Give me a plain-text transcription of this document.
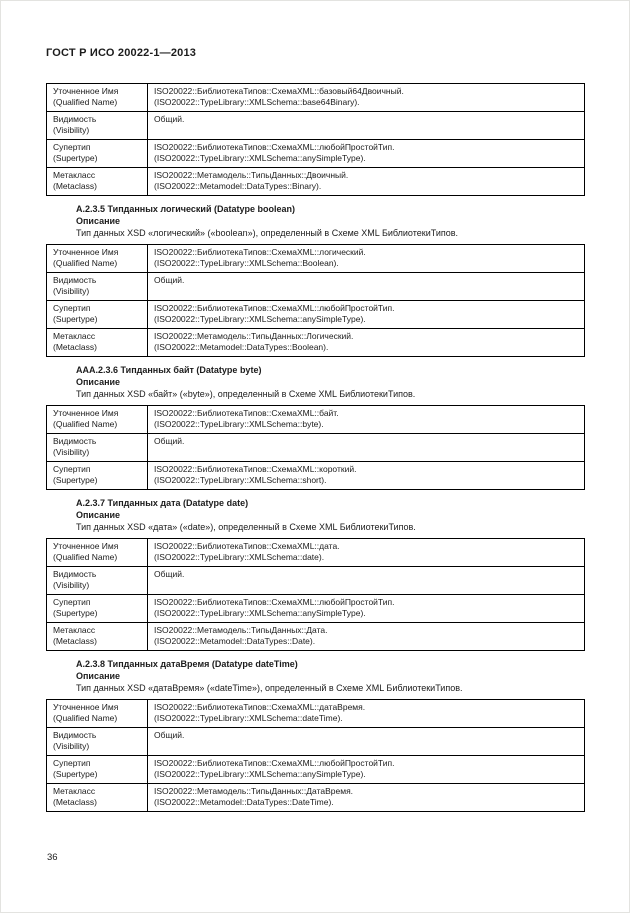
ГОСТ Р ИСО 20022-1—2013
Уточненное Имя
(Qualified Name)	ISO20022::БиблиотекаТипов::СхемаXML::базовый64Двоичный.
(ISO20022::TypeLibrary::XMLSchema::base64Binary).

Видимость
(Visibility)	Общий.

Супертип
(Supertype)	ISO20022::БиблиотекаТипов::СхемаXML::любойПростойТип.
(ISO20022::TypeLibrary::XMLSchema::anySimpleType).

Метакласс
(Metaclass)	ISO20022::Метамодель::ТипыДанных::Двоичный.
(ISO20022::Metamodel::DataTypes::Binary).
А.2.3.5 Типданных логический (Datatype boolean)
Описание
Тип данных XSD «логический» («boolean»), определенный в Схеме XML БиблиотекиТипов.
Уточненное Имя
(Qualified Name)	ISO20022::БиблиотекаТипов::СхемаXML::логический.
(ISO20022::TypeLibrary::XMLSchema::Boolean).

Видимость
(Visibility)	Общий.

Супертип
(Supertype)	ISO20022::БиблиотекаТипов::СхемаXML::любойПростойТип.
(ISO20022::TypeLibrary::XMLSchema::anySimpleType).

Метакласс
(Metaclass)	ISO20022::Метамодель::ТипыДанных::Логический.
(ISO20022::Metamodel::DataTypes::Boolean).
ААА.2.3.6 Типданных байт (Datatype byte)
Описание
Тип данных XSD «байт» («byte»), определенный в Схеме XML БиблиотекиТипов.
Уточненное Имя
(Qualified Name)	ISO20022::БиблиотекаТипов::СхемаXML::байт.
(ISO20022::TypeLibrary::XMLSchema::byte).

Видимость
(Visibility)	Общий.

Супертип
(Supertype)	ISO20022::БиблиотекаТипов::СхемаXML::короткий.
(ISO20022::TypeLibrary::XMLSchema::short).
А.2.3.7 Типданных дата (Datatype date)
Описание
Тип данных XSD «дата» («date»), определенный в Схеме XML БиблиотекиТипов.
Уточненное Имя
(Qualified Name)	ISO20022::БиблиотекаТипов::СхемаXML::дата.
(ISO20022::TypeLibrary::XMLSchema::date).

Видимость
(Visibility)	Общий.

Супертип
(Supertype)	ISO20022::БиблиотекаТипов::СхемаXML::любойПростойТип.
(ISO20022::TypeLibrary::XMLSchema::anySimpleType).

Метакласс
(Metaclass)	ISO20022::Метамодель::ТипыДанных::Дата.
(ISO20022::Metamodel::DataTypes::Date).
А.2.3.8 Типданных датаВремя (Datatype dateTime)
Описание
Тип данных XSD «датаВремя» («dateTime»), определенный в Схеме XML БиблиотекиТипов.
Уточненное Имя
(Qualified Name)	ISO20022::БиблиотекаТипов::СхемаXML::датаВремя.
(ISO20022::TypeLibrary::XMLSchema::dateTime).

Видимость
(Visibility)	Общий.

Супертип
(Supertype)	ISO20022::БиблиотекаТипов::СхемаXML::любойПростойТип.
(ISO20022::TypeLibrary::XMLSchema::anySimpleType).

Метакласс
(Metaclass)	ISO20022::Метамодель::ТипыДанных::ДатаВремя.
(ISO20022::Metamodel::DataTypes::DateTime).
36
